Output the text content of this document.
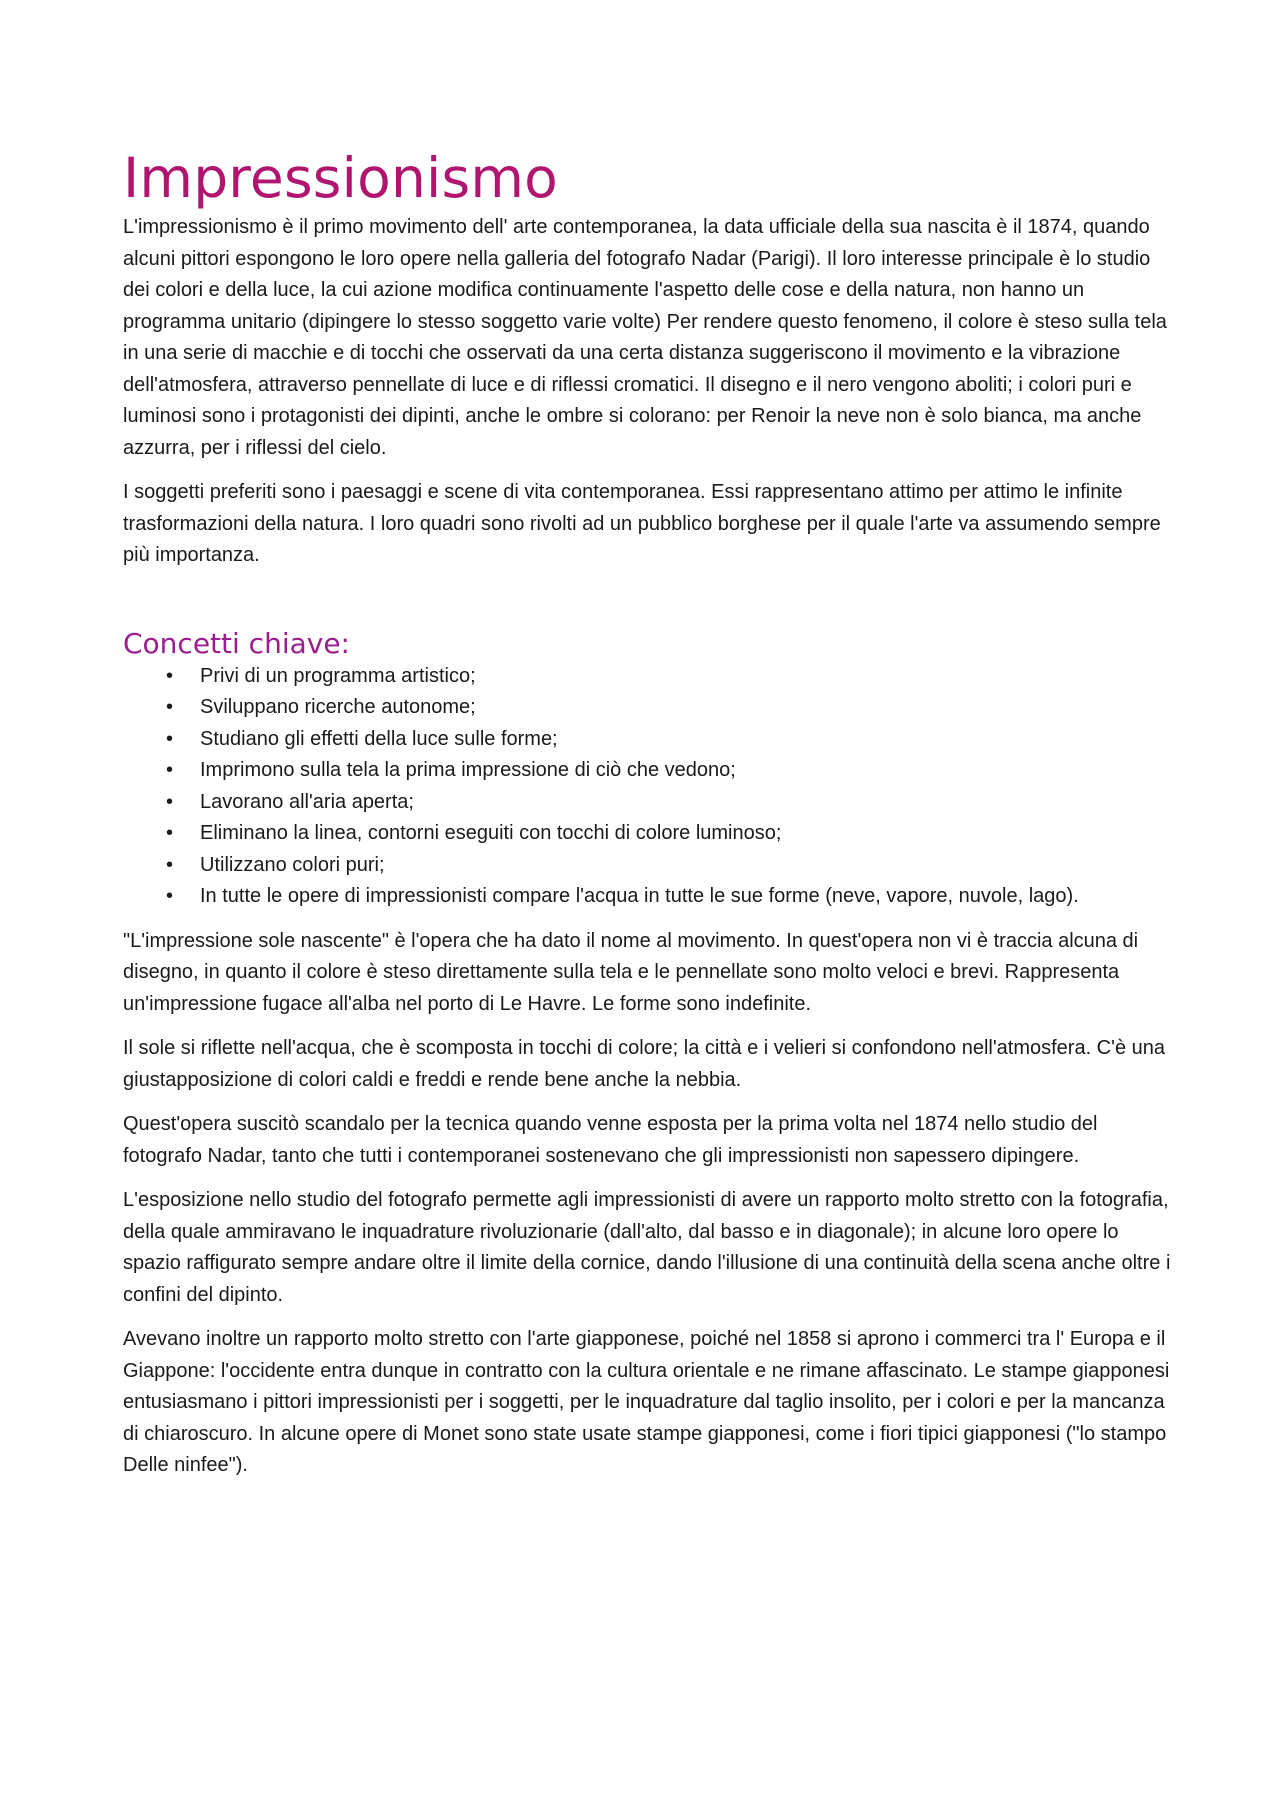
Impressionismo

L'impressionismo è il primo movimento dell' arte contemporanea, la data ufficiale della sua nascita è il 1874, quando alcuni pittori espongono le loro opere nella galleria del fotografo Nadar (Parigi). Il loro interesse principale è lo studio dei colori e della luce, la cui azione modifica continuamente l'aspetto delle cose e della natura, non hanno un programma unitario (dipingere lo stesso soggetto varie volte) Per rendere questo fenomeno, il colore è steso sulla tela in una serie di macchie e di tocchi che osservati da una certa distanza suggeriscono il movimento e la vibrazione dell'atmosfera, attraverso pennellate di luce e di riflessi cromatici. Il disegno e il nero vengono aboliti; i colori puri e luminosi sono i protagonisti dei dipinti, anche le ombre si colorano: per Renoir la neve non è solo bianca, ma anche azzurra, per i riflessi del cielo.

I soggetti preferiti sono i paesaggi e scene di vita contemporanea. Essi rappresentano attimo per attimo le infinite trasformazioni della natura. I loro quadri sono rivolti ad un pubblico borghese per il quale l'arte va assumendo sempre più importanza.

Concetti chiave:
• Privi di un programma artistico;
• Sviluppano ricerche autonome;
• Studiano gli effetti della luce sulle forme;
• Imprimono sulla tela la prima impressione di ciò che vedono;
• Lavorano all'aria aperta;
• Eliminano la linea, contorni eseguiti con tocchi di colore luminoso;
• Utilizzano colori puri;
• In tutte le opere di impressionisti compare l'acqua in tutte le sue forme (neve, vapore, nuvole, lago).

"L'impressione sole nascente" è l'opera che ha dato il nome al movimento. In quest'opera non vi è traccia alcuna di disegno, in quanto il colore è steso direttamente sulla tela e le pennellate sono molto veloci e brevi. Rappresenta un'impressione fugace all'alba nel porto di Le Havre. Le forme sono indefinite.

Il sole si riflette nell'acqua, che è scomposta in tocchi di colore; la città e i velieri si confondono nell'atmosfera. C'è una giustapposizione di colori caldi e freddi e rende bene anche la nebbia.

Quest'opera suscitò scandalo per la tecnica quando venne esposta per la prima volta nel 1874 nello studio del fotografo Nadar, tanto che tutti i contemporanei sostenevano che gli impressionisti non sapessero dipingere.

L'esposizione nello studio del fotografo permette agli impressionisti di avere un rapporto molto stretto con la fotografia, della quale ammiravano le inquadrature rivoluzionarie (dall'alto, dal basso e in diagonale); in alcune loro opere lo spazio raffigurato sempre andare oltre il limite della cornice, dando l'illusione di una continuità della scena anche oltre i confini del dipinto.

Avevano inoltre un rapporto molto stretto con l'arte giapponese, poiché nel 1858 si aprono i commerci tra l' Europa e il Giappone: l'occidente entra dunque in contratto con la cultura orientale e ne rimane affascinato. Le stampe giapponesi entusiasmano i pittori impressionisti per i soggetti, per le inquadrature dal taglio insolito, per i colori e per la mancanza di chiaroscuro. In alcune opere di Monet sono state usate stampe giapponesi, come i fiori tipici giapponesi ("lo stampo Delle ninfee").
